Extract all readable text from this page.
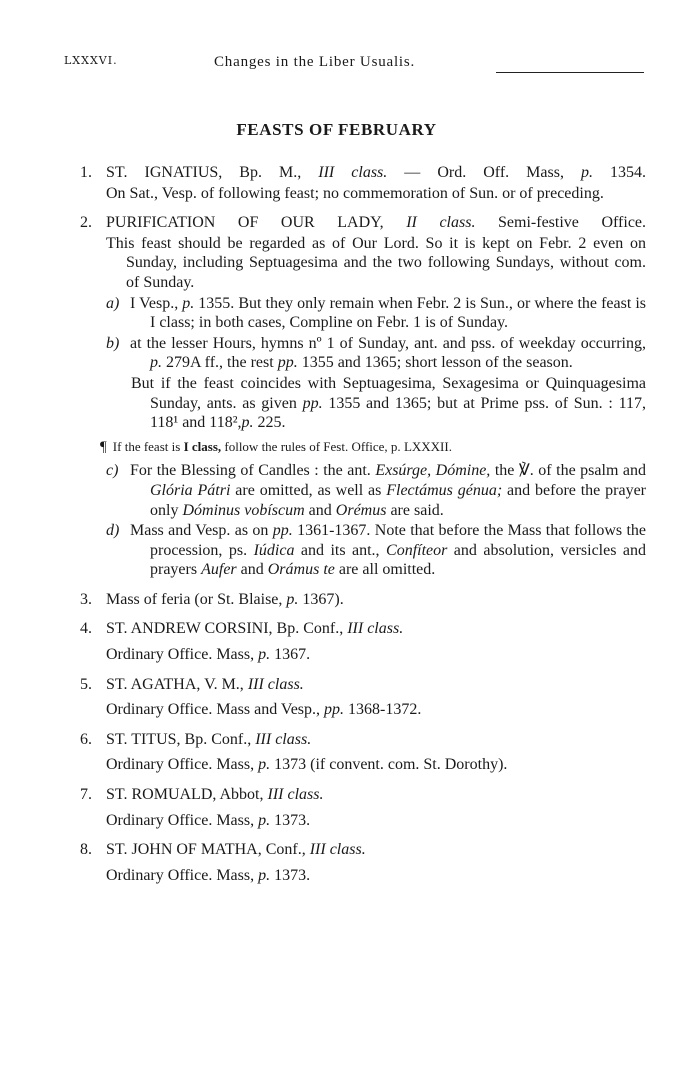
LXXXVI.	Changes in the Liber Usualis.
FEASTS OF FEBRUARY
1. ST. IGNATIUS, Bp. M., III class. — Ord. Off. Mass, p. 1354.

On Sat., Vesp. of following feast; no commemoration of Sun. or of preceding.

2. PURIFICATION OF OUR LADY, II class. Semi-festive Office.

This feast should be regarded as of Our Lord. So it is kept on Febr. 2 even on Sunday, including Septuagesima and the two following Sundays, without com. of Sunday.

a) I Vesp., p. 1355. But they only remain when Febr. 2 is Sun., or where the feast is I class; in both cases, Compline on Febr. 1 is of Sunday.

b) at the lesser Hours, hymns nº 1 of Sunday, ant. and pss. of weekday occurring, p. 279A ff., the rest pp. 1355 and 1365; short lesson of the season.

But if the feast coincides with Septuagesima, Sexagesima or Quinquagesima Sunday, ants. as given pp. 1355 and 1365; but at Prime pss. of Sun. : 117, 118¹ and 118²,p. 225.

¶ If the feast is I class, follow the rules of Fest. Office, p. LXXXII.

c) For the Blessing of Candles : the ant. Exsúrge, Dómine, the ℣. of the psalm and Glória Pátri are omitted, as well as Flectámus génua; and before the prayer only Dóminus vobíscum and Orémus are said.

d) Mass and Vesp. as on pp. 1361-1367. Note that before the Mass that follows the procession, ps. Iúdica and its ant., Confíteor and absolution, versicles and prayers Aufer and Orámus te are all omitted.

3. Mass of feria (or St. Blaise, p. 1367).
4. ST. ANDREW CORSINI, Bp. Conf., III class.
Ordinary Office. Mass, p. 1367.
5. ST. AGATHA, V. M., III class.
Ordinary Office. Mass and Vesp., pp. 1368-1372.
6. ST. TITUS, Bp. Conf., III class.
Ordinary Office. Mass, p. 1373 (if convent. com. St. Dorothy).
7. ST. ROMUALD, Abbot, III class.
Ordinary Office. Mass, p. 1373.
8. ST. JOHN OF MATHA, Conf., III class.
Ordinary Office. Mass, p. 1373.
